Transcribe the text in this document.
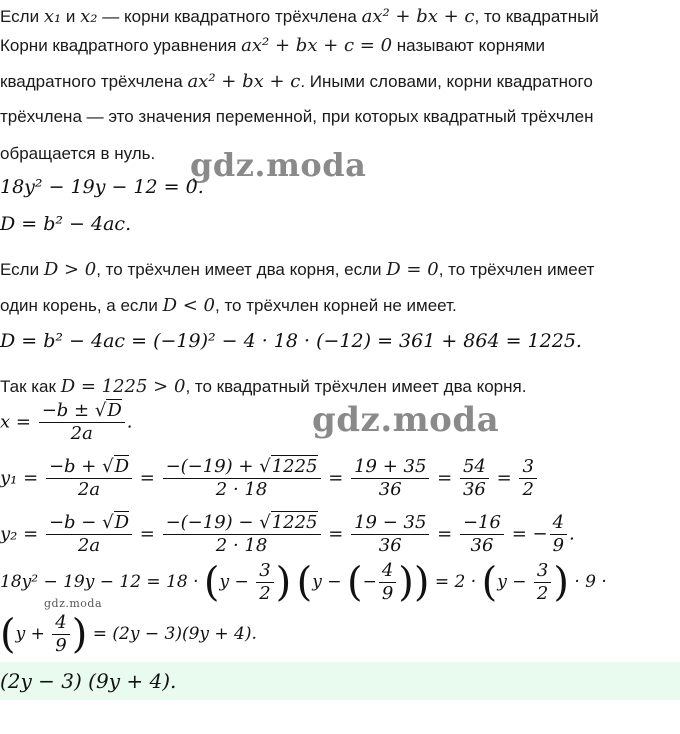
gdz.moda
gdz.moda
gdz.moda
Если x₁ и x₂ — корни квадратного трёхчлена ax² + bx + c, то квадратный
Корни квадратного уравнения ax² + bx + c = 0 называют корнями
квадратного трёхчлена ax² + bx + c. Иными словами, корни квадратного
трёхчлена — это значения переменной, при которых квадратный трёхчлен
обращается в нуль.
18y² − 19y − 12 = 0.
D = b² − 4ac.
Если D > 0, то трёхчлен имеет два корня, если D = 0, то трёхчлен имеет
один корень, а если D < 0, то трёхчлен корней не имеет.
D = b² − 4ac = (−19)² − 4 · 18 · (−12) = 361 + 864 = 1225.
Так как D = 1225 > 0, то квадратный трёхчлен имеет два корня.
$x = \frac{-b \pm √D}{2a}$ .
$y_1 = \frac{-b + √D}{2a} = \frac{-(-19) + √1225}{2 \cdot 18} = \frac{19 + 35}{36} = \frac{54}{36} = \frac{3}{2}$
$y_2 = \frac{-b - √D}{2a} = \frac{-(-19) - √1225}{2 \cdot 18} = \frac{19 - 35}{36} = \frac{-16}{36}$ = − $\frac{4}{9}$ .
$18y^2 - 19y - 12 = 18 \cdot (y - \frac{3}{2}$ ) (y − (− $\frac{4}{9}$ )) = $2 \cdot (y - \frac{3}{2}$ ) · 9 ·
($y + \frac{4}{9}$ ) = (2y − 3)(9y + 4).
(2y − 3) (9y + 4).
